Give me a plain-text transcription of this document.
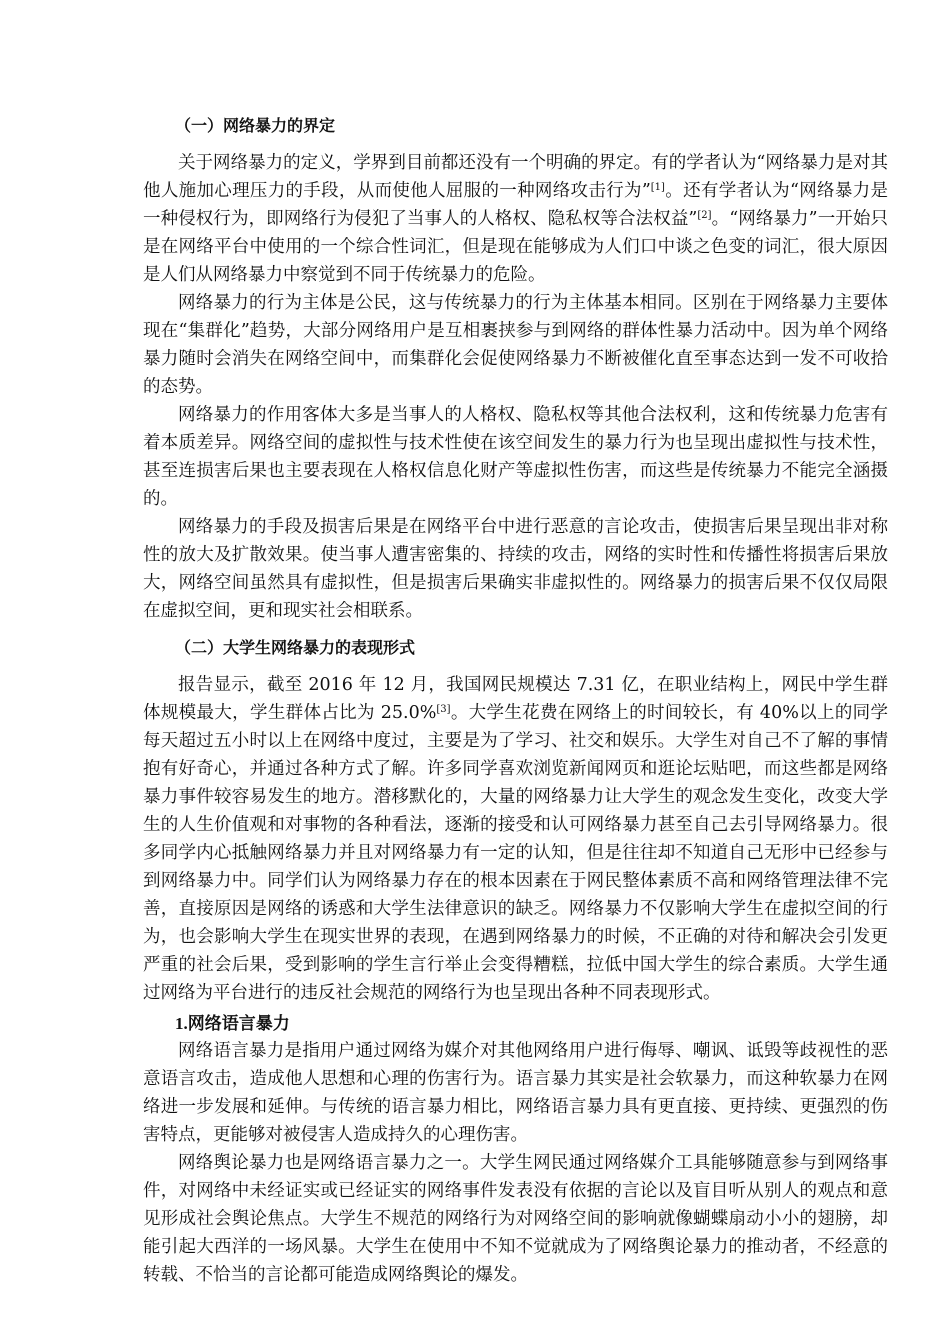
（一）网络暴力的界定

关于网络暴力的定义，学界到目前都还没有一个明确的界定。有的学者认为“网络暴力是对其他人施加心理压力的手段，从而使他人屈服的一种网络攻击行为”[1]。还有学者认为“网络暴力是一种侵权行为，即网络行为侵犯了当事人的人格权、隐私权等合法权益”[2]。“网络暴力”一开始只是在网络平台中使用的一个综合性词汇，但是现在能够成为人们口中谈之色变的词汇，很大原因是人们从网络暴力中察觉到不同于传统暴力的危险。

网络暴力的行为主体是公民，这与传统暴力的行为主体基本相同。区别在于网络暴力主要体现在“集群化”趋势，大部分网络用户是互相裹挟参与到网络的群体性暴力活动中。因为单个网络暴力随时会消失在网络空间中，而集群化会促使网络暴力不断被催化直至事态达到一发不可收拾的态势。

网络暴力的作用客体大多是当事人的人格权、隐私权等其他合法权利，这和传统暴力危害有着本质差异。网络空间的虚拟性与技术性使在该空间发生的暴力行为也呈现出虚拟性与技术性，甚至连损害后果也主要表现在人格权信息化财产等虚拟性伤害，而这些是传统暴力不能完全涵摄的。

网络暴力的手段及损害后果是在网络平台中进行恶意的言论攻击，使损害后果呈现出非对称性的放大及扩散效果。使当事人遭害密集的、持续的攻击，网络的实时性和传播性将损害后果放大，网络空间虽然具有虚拟性，但是损害后果确实非虚拟性的。网络暴力的损害后果不仅仅局限在虚拟空间，更和现实社会相联系。

（二）大学生网络暴力的表现形式

报告显示，截至 2016 年 12 月，我国网民规模达 7.31 亿，在职业结构上，网民中学生群体规模最大，学生群体占比为 25.0%[3]。大学生花费在网络上的时间较长，有 40%以上的同学每天超过五小时以上在网络中度过，主要是为了学习、社交和娱乐。大学生对自己不了解的事情抱有好奇心，并通过各种方式了解。许多同学喜欢浏览新闻网页和逛论坛贴吧，而这些都是网络暴力事件较容易发生的地方。潜移默化的，大量的网络暴力让大学生的观念发生变化，改变大学生的人生价值观和对事物的各种看法，逐渐的接受和认可网络暴力甚至自己去引导网络暴力。很多同学内心抵触网络暴力并且对网络暴力有一定的认知，但是往往却不知道自己无形中已经参与到网络暴力中。同学们认为网络暴力存在的根本因素在于网民整体素质不高和网络管理法律不完善，直接原因是网络的诱惑和大学生法律意识的缺乏。网络暴力不仅影响大学生在虚拟空间的行为，也会影响大学生在现实世界的表现，在遇到网络暴力的时候，不正确的对待和解决会引发更严重的社会后果，受到影响的学生言行举止会变得糟糕，拉低中国大学生的综合素质。大学生通过网络为平台进行的违反社会规范的网络行为也呈现出各种不同表现形式。

1.网络语言暴力

网络语言暴力是指用户通过网络为媒介对其他网络用户进行侮辱、嘲讽、诋毁等歧视性的恶意语言攻击，造成他人思想和心理的伤害行为。语言暴力其实是社会软暴力，而这种软暴力在网络进一步发展和延伸。与传统的语言暴力相比，网络语言暴力具有更直接、更持续、更强烈的伤害特点，更能够对被侵害人造成持久的心理伤害。

网络舆论暴力也是网络语言暴力之一。大学生网民通过网络媒介工具能够随意参与到网络事件，对网络中未经证实或已经证实的网络事件发表没有依据的言论以及盲目听从别人的观点和意见形成社会舆论焦点。大学生不规范的网络行为对网络空间的影响就像蝴蝶扇动小小的翅膀，却能引起大西洋的一场风暴。大学生在使用中不知不觉就成为了网络舆论暴力的推动者，不经意的转载、不恰当的言论都可能造成网络舆论的爆发。
